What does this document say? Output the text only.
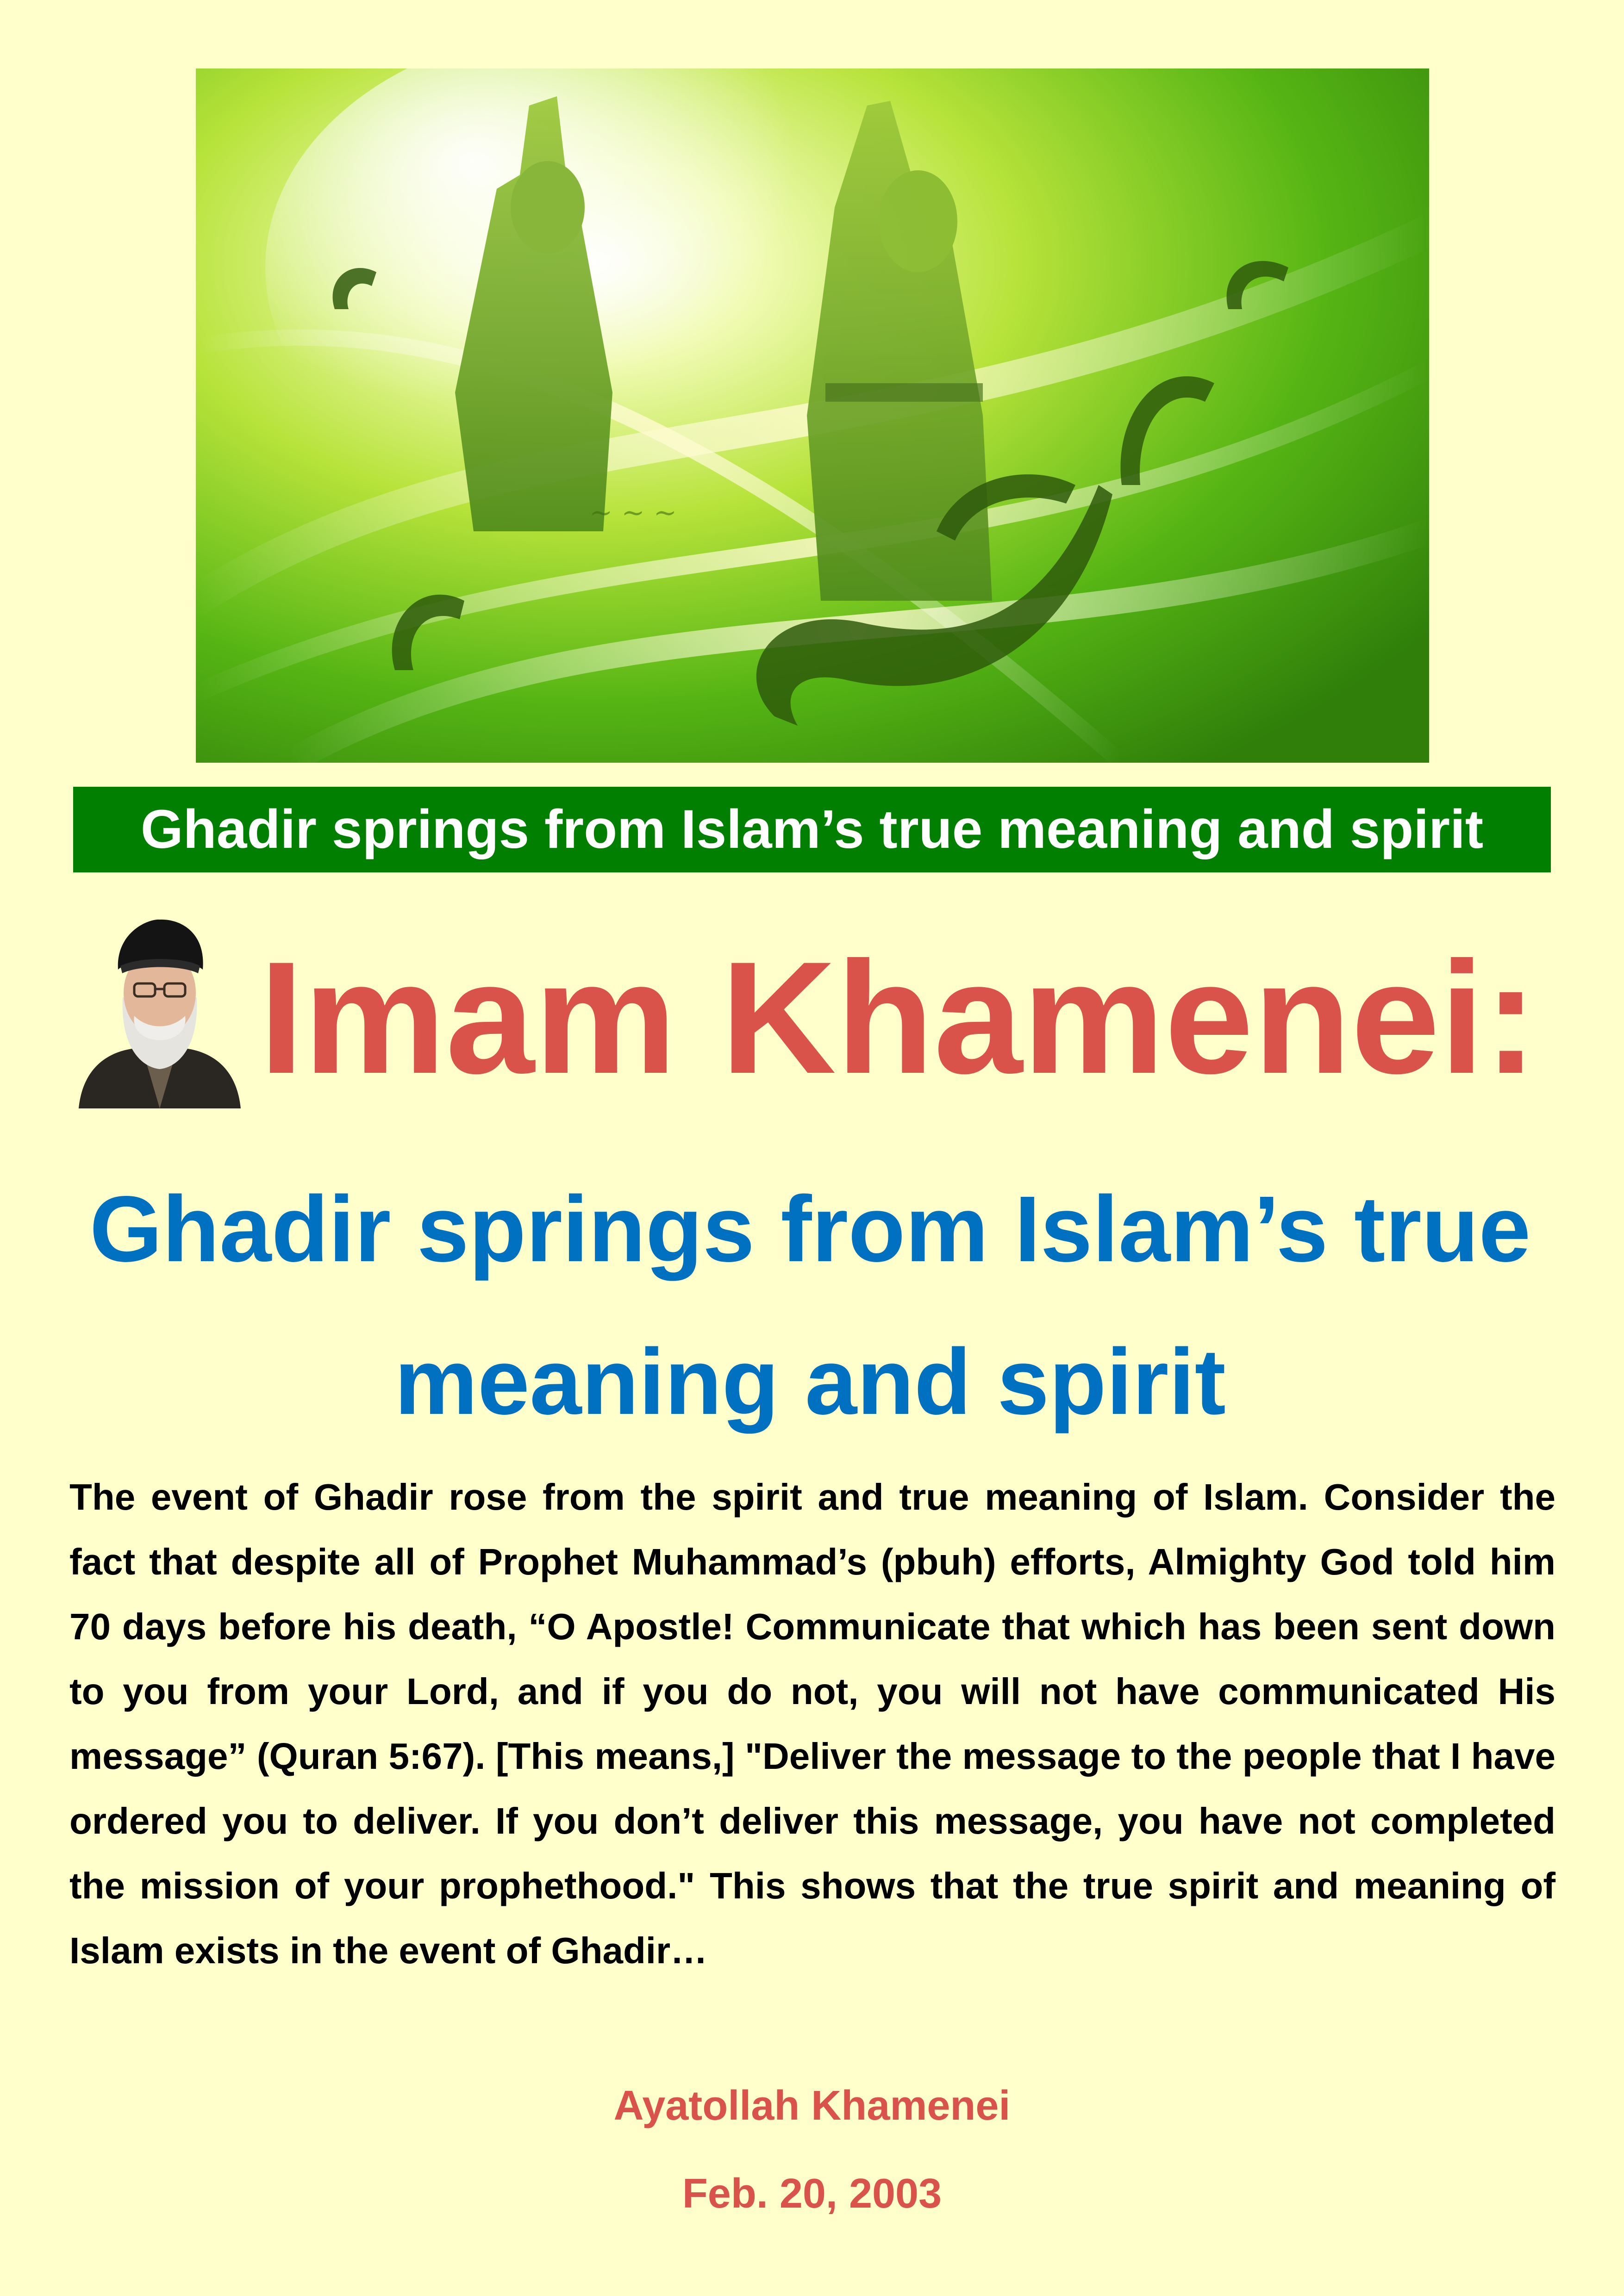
~ ~ ~
Ghadir springs from Islam’s true meaning and spirit
Imam Khamenei:
Ghadir springs from Islam’s true
meaning and spirit
The event of Ghadir rose from the spirit and true meaning of Islam. Consider the fact that despite all of Prophet Muhammad’s (pbuh) efforts, Almighty God told him 70 days before his death, “O Apostle! Communicate that which has been sent down to you from your Lord, and if you do not, you will not have communicated His message” (Quran 5:67). [This means,] "Deliver the message to the people that I have ordered you to deliver. If you don’t deliver this message, you have not completed the mission of your prophethood." This shows that the true spirit and meaning of Islam exists in the event of Ghadir…
Ayatollah Khamenei
Feb. 20, 2003
